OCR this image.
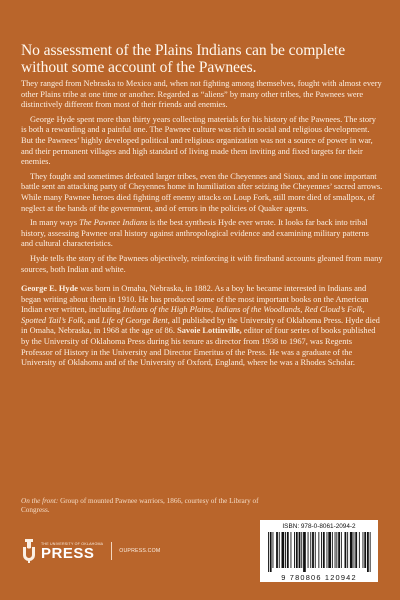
No assessment of the Plains Indians can be complete without some account of the Pawnees.
They ranged from Nebraska to Mexico and, when not fighting among themselves, fought with almost every other Plains tribe at one time or another. Regarded as “aliens” by many other tribes, the Pawnees were distinctively different from most of their friends and enemies.
George Hyde spent more than thirty years collecting materials for his history of the Pawnees. The story is both a rewarding and a painful one. The Pawnee culture was rich in social and religious development. But the Pawnees’ highly developed political and religious organization was not a source of power in war, and their permanent villages and high standard of living made them inviting and fixed targets for their enemies.
They fought and sometimes defeated larger tribes, even the Cheyennes and Sioux, and in one important battle sent an attacking party of Cheyennes home in humiliation after seizing the Cheyennes’ sacred arrows. While many Pawnee heroes died fighting off enemy attacks on Loup Fork, still more died of smallpox, of neglect at the hands of the government, and of errors in the policies of Quaker agents.
In many ways The Pawnee Indians is the best synthesis Hyde ever wrote. It looks far back into tribal history, assessing Pawnee oral history against anthropological evidence and examining military patterns and cultural characteristics.
Hyde tells the story of the Pawnees objectively, reinforcing it with firsthand accounts gleaned from many sources, both Indian and white.
George E. Hyde was born in Omaha, Nebraska, in 1882. As a boy he became interested in Indians and began writing about them in 1910. He has produced some of the most important books on the American Indian ever written, including Indians of the High Plains, Indians of the Woodlands, Red Cloud’s Folk, Spotted Tail’s Folk, and Life of George Bent, all published by the University of Oklahoma Press. Hyde died in Omaha, Nebraska, in 1968 at the age of 86. Savoie Lottinville, editor of four series of books published by the University of Oklahoma Press during his tenure as director from 1938 to 1967, was Regents Professor of History in the University and Director Emeritus of the Press. He was a graduate of the University of Oklahoma and of the University of Oxford, England, where he was a Rhodes Scholar.
On the front: Group of mounted Pawnee warriors, 1866, courtesy of the Library of Congress.
THE UNIVERSITY OF OKLAHOMA
PRESS	OUPRESS.COM
ISBN: 978-0-8061-2094-2
9 780806 120942
